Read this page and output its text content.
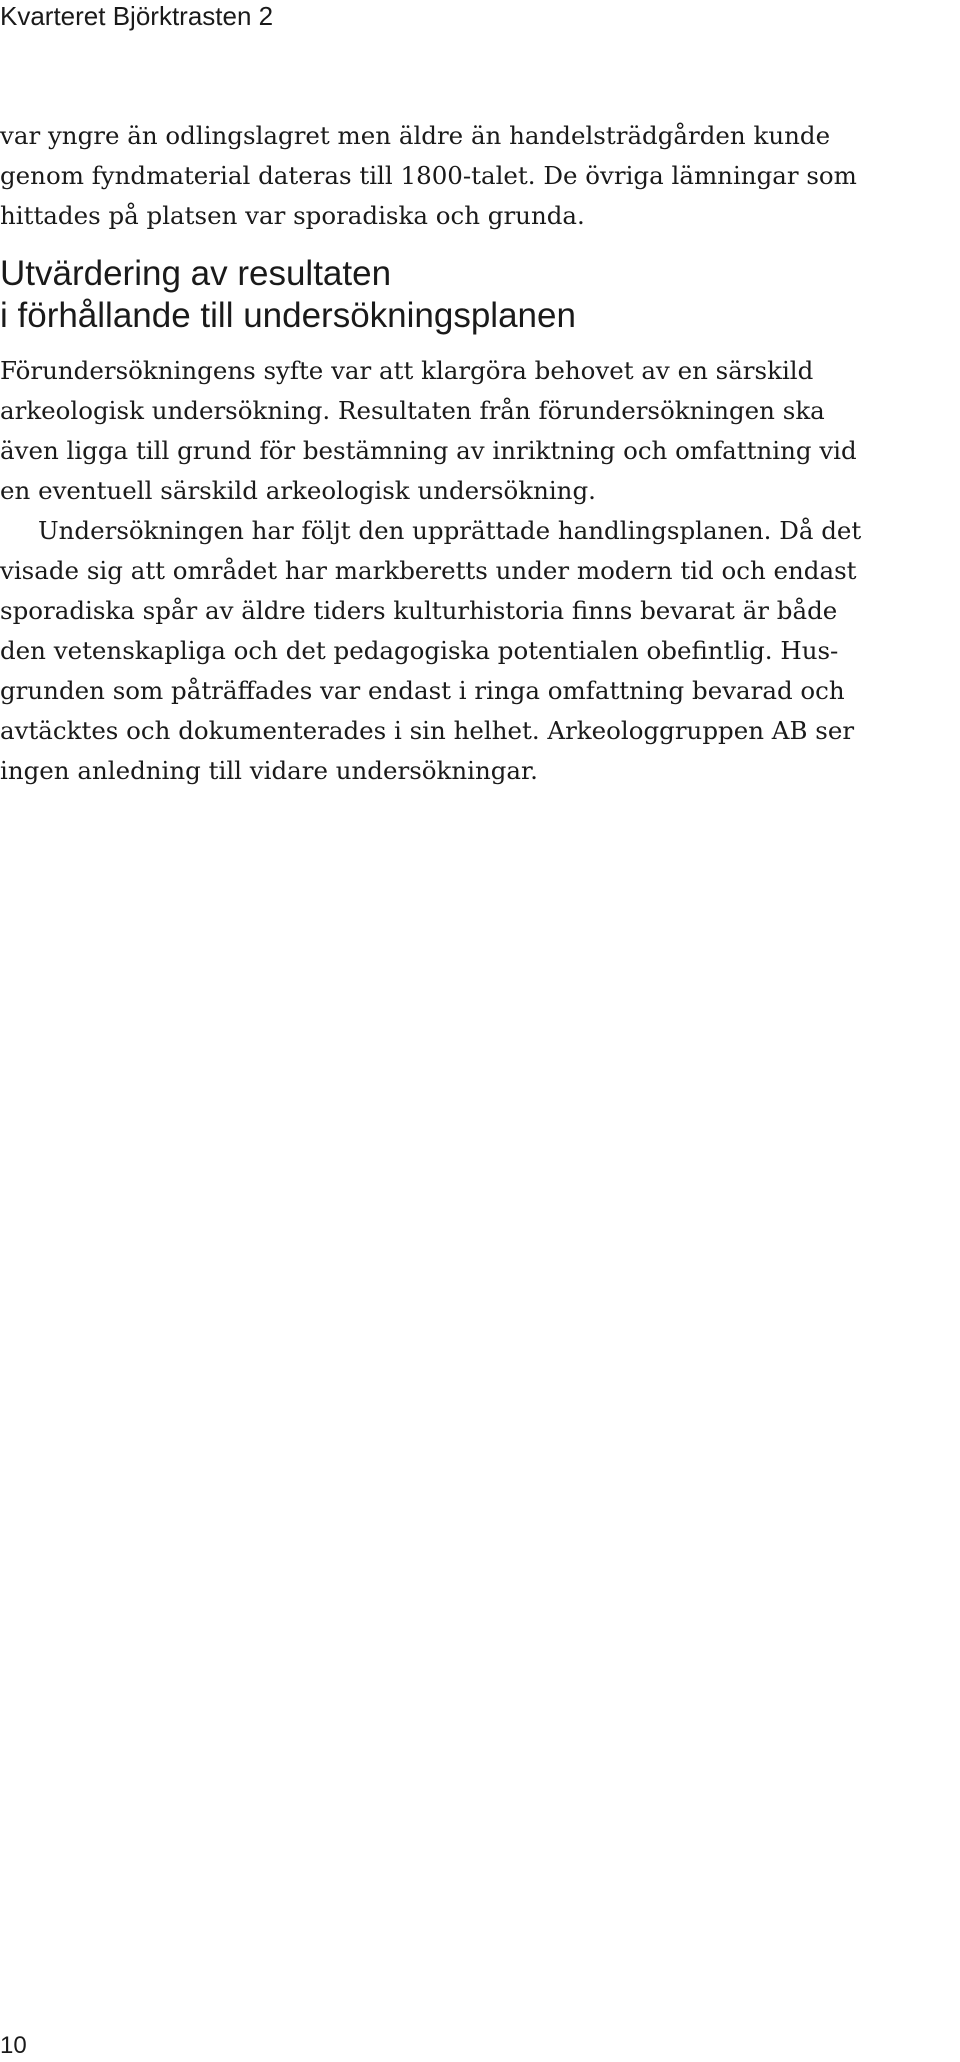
Kvarteret Björktrasten 2
var yngre än odlingslagret men äldre än handelsträdgården kunde
genom fyndmaterial dateras till 1800-talet. De övriga lämningar som
hittades på platsen var sporadiska och grunda.
Utvärdering av resultaten
i förhållande till undersökningsplanen
Förundersökningens syfte var att klargöra behovet av en särskild
arkeologisk undersökning. Resultaten från förundersökningen ska
även ligga till grund för bestämning av inriktning och omfattning vid
en eventuell särskild arkeologisk undersökning.
Undersökningen har följt den upprättade handlingsplanen. Då det
visade sig att området har markberetts under modern tid och endast
sporadiska spår av äldre tiders kulturhistoria finns bevarat är både
den vetenskapliga och det pedagogiska potentialen obefintlig. Hus-
grunden som påträffades var endast i ringa omfattning bevarad och
avtäcktes och dokumenterades i sin helhet. Arkeologgruppen AB ser
ingen anledning till vidare undersökningar.
10
